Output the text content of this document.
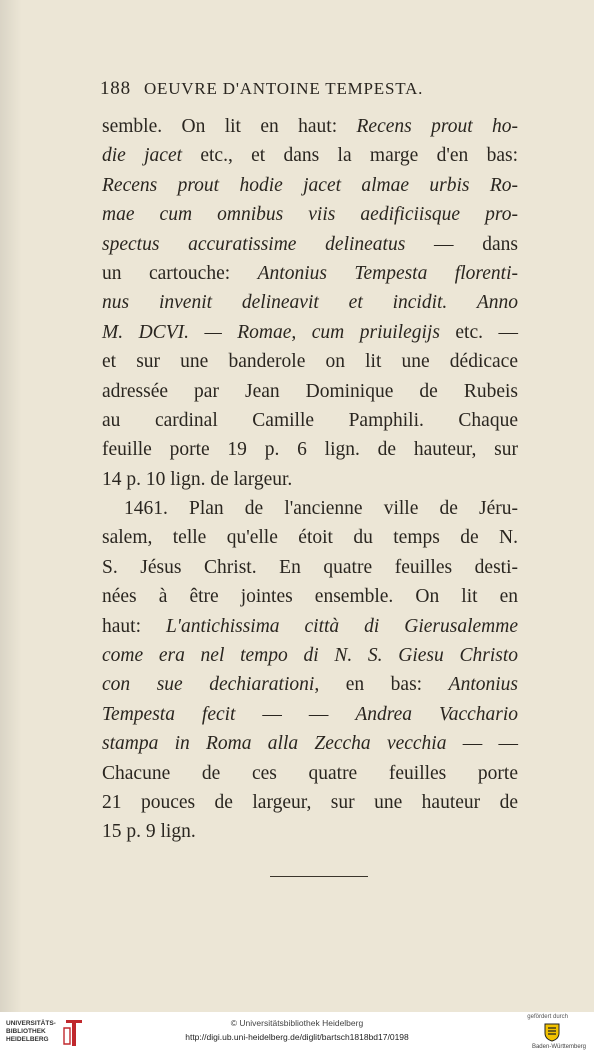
188 OEUVRE D'ANTOINE TEMPESTA.
semble. On lit en haut: Recens prout ho-
die jacet etc., et dans la marge d'en bas:
Recens prout hodie jacet almae urbis Ro-
mae cum omnibus viis aedificiisque pro-
spectus accuratissime delineatus — dans
un cartouche: Antonius Tempesta florenti-
nus invenit delineavit et incidit. Anno
M. DCVI. — Romae, cum priuilegijs etc. —
et sur une banderole on lit une dédicace
adressée par Jean Dominique de Rubeis
au cardinal Camille Pamphili. Chaque
feuille porte 19 p. 6 lign. de hauteur, sur
14 p. 10 lign. de largeur.
1461. Plan de l'ancienne ville de Jéru-
salem, telle qu'elle étoit du temps de N.
S. Jésus Christ. En quatre feuilles desti-
nées à être jointes ensemble. On lit en
haut: L'antichissima città di Gierusalemme
come era nel tempo di N. S. Giesu Christo
con sue dechiarationi, en bas: Antonius
Tempesta fecit — — Andrea Vacchario
stampa in Roma alla Zeccha vecchia — —
Chacune de ces quatre feuilles porte
21 pouces de largeur, sur une hauteur de
15 p. 9 lign.
UNIVERSITÄTS-
BIBLIOTHEK
HEIDELBERG
© Universitätsbibliothek Heidelberg
http://digi.ub.uni-heidelberg.de/diglit/bartsch1818bd17/0198
gefördert durch
Baden-Württemberg
